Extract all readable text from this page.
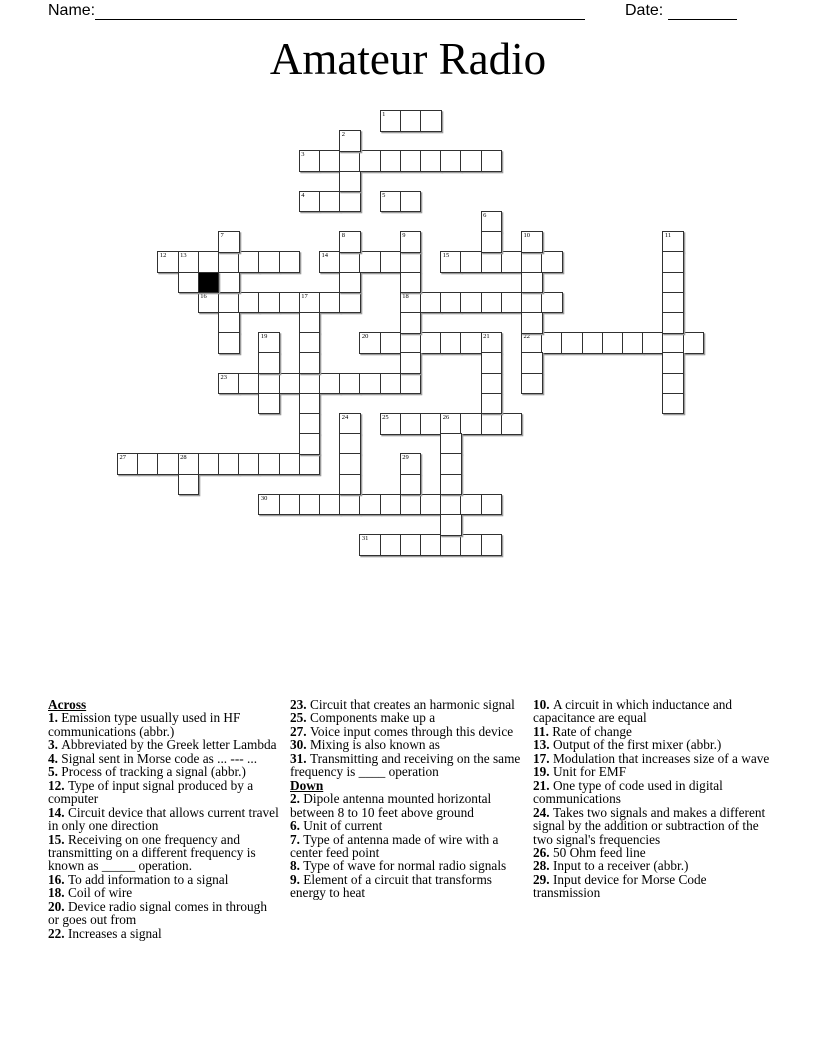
Name:	Date:
Amateur Radio
1
3
4	5
12 13	14	15
16	17	18
20	21	22
23
25	26
27	28
30
31
2
6
7	8	9	10	11
19
24
29
Across
1. Emission type usually used in HF communications (abbr.)
3. Abbreviated by the Greek letter Lambda
4. Signal sent in Morse code as ... --- ...
5. Process of tracking a signal (abbr.)
12. Type of input signal produced by a computer
14. Circuit device that allows current travel in only one direction
15. Receiving on one frequency and transmitting on a different frequency is known as _____ operation.
16. To add information to a signal
18. Coil of wire
20. Device radio signal comes in through or goes out from
22. Increases a signal
23. Circuit that creates an harmonic signal
25. Components make up a
27. Voice input comes through this device
30. Mixing is also known as
31. Transmitting and receiving on the same frequency is ____ operation
Down
2. Dipole antenna mounted horizontal between 8 to 10 feet above ground
6. Unit of current
7. Type of antenna made of wire with a center feed point
8. Type of wave for normal radio signals
9. Element of a circuit that transforms energy to heat
10. A circuit in which inductance and capacitance are equal
11. Rate of change
13. Output of the first mixer (abbr.)
17. Modulation that increases size of a wave
19. Unit for EMF
21. One type of code used in digital communications
24. Takes two signals and makes a different signal by the addition or subtraction of the two signal's frequencies
26. 50 Ohm feed line
28. Input to a receiver (abbr.)
29. Input device for Morse Code transmission
